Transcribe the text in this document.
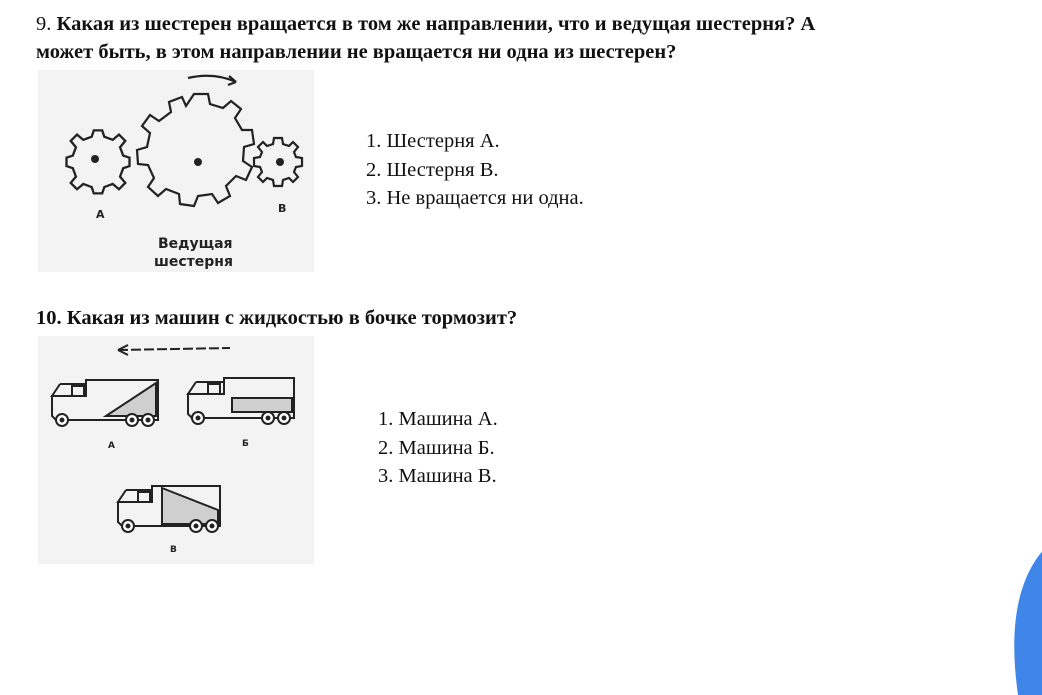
9. Какая из шестерен вращается в том же направлении, что и ведущая шестерня? А
может быть, в этом направлении не вращается ни одна из шестерен?

A	B
Ведущая
шестерня
1. Шестерня А.
2. Шестерня В.
3. Не вращается ни одна.

10. Какая из машин с жидкостью в бочке тормозит?

A	Б
В
1. Машина А.
2. Машина Б.
3. Машина В.
